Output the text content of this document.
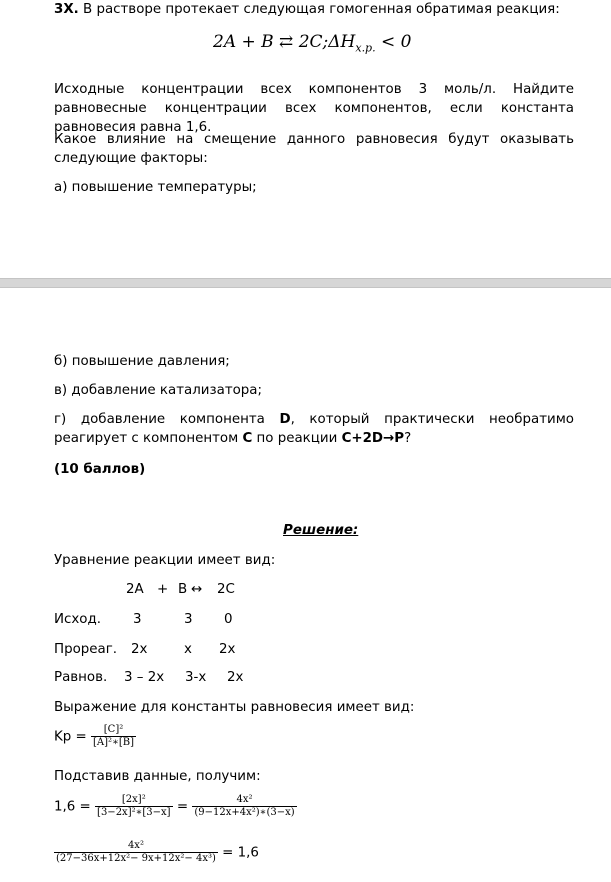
3Х. В растворе протекает следующая гомогенная обратимая реакция:
2A + B ⇄ $2C;\Delta H_{х.р.} < 0$
Исходные концентрации всех компонентов 3 моль/л. Найдите равновесные концентрации всех компонентов, если константа равновесия равна 1,6.
Какое влияние на смещение данного равновесия будут оказывать следующие факторы:
а) повышение температуры;
б) повышение давления;
в) добавление катализатора;
г) добавление компонента D, который практически необратимо реагирует с компонентом С по реакции С+2D→P?
(10 баллов)
Решение:
Уравнение реакции имеет вид:
2A + B ↔ 2C
Исход. 3	3 0
Прореаг. 2x	x 2x
Равнов. 3 – 2x 3-x 2x
Выражение для константы равновесия имеет вид:
$Kp = \frac{\text{[C]²}}{\text{[A]²∗[B]}}$
Подставив данные, получим:
$1,6 = \frac{\text{[2x]²}}{\text{[3−2x]²∗[3−x]}} = \frac{\text{4x²}}{\text{(9−12x+4x²)∗(3−x)}}$
$\frac{\text{4x²}}{\text{(27−36x+12x²− 9x+12x²− 4x³)}} = 1,6$
